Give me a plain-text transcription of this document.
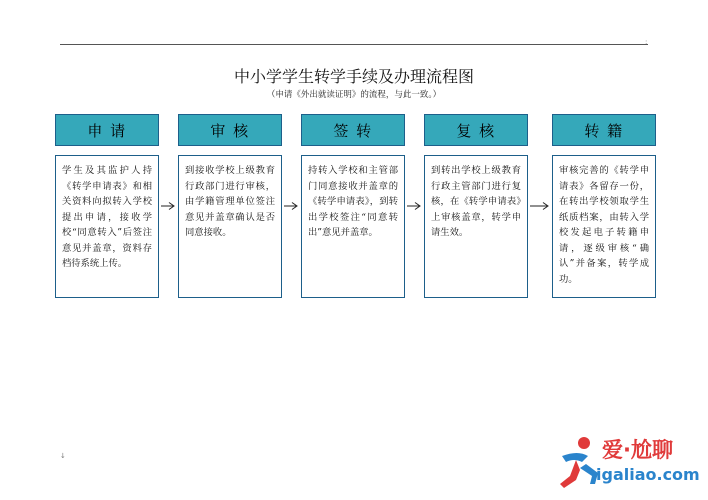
:
中小学学生转学手续及办理流程图
（申请《外出就读证明》的流程，与此一致。）
申 请
学生及其监护人持《转学申请表》和相关资料向拟转入学校提出申请，接收学校“同意转入”后签注意见并盖章，资料存档待系统上传。
审 核
到接收学校上级教育行政部门进行审核，由学籍管理单位签注意见并盖章确认是否同意接收。
签 转
持转入学校和主管部门同意接收并盖章的《转学申请表》，到转出学校签注“同意转出”意见并盖章。
复 核
到转出学校上级教育行政主管部门进行复核，在《转学申请表》上审核盖章，转学申请生效。
转 籍
审核完善的《转学申请表》各留存一份，在转出学校领取学生纸质档案，由转入学校发起电子转籍申请，逐级审核“确认”并备案，转学成功。
↓	爱·尬聊
igaliao.com
